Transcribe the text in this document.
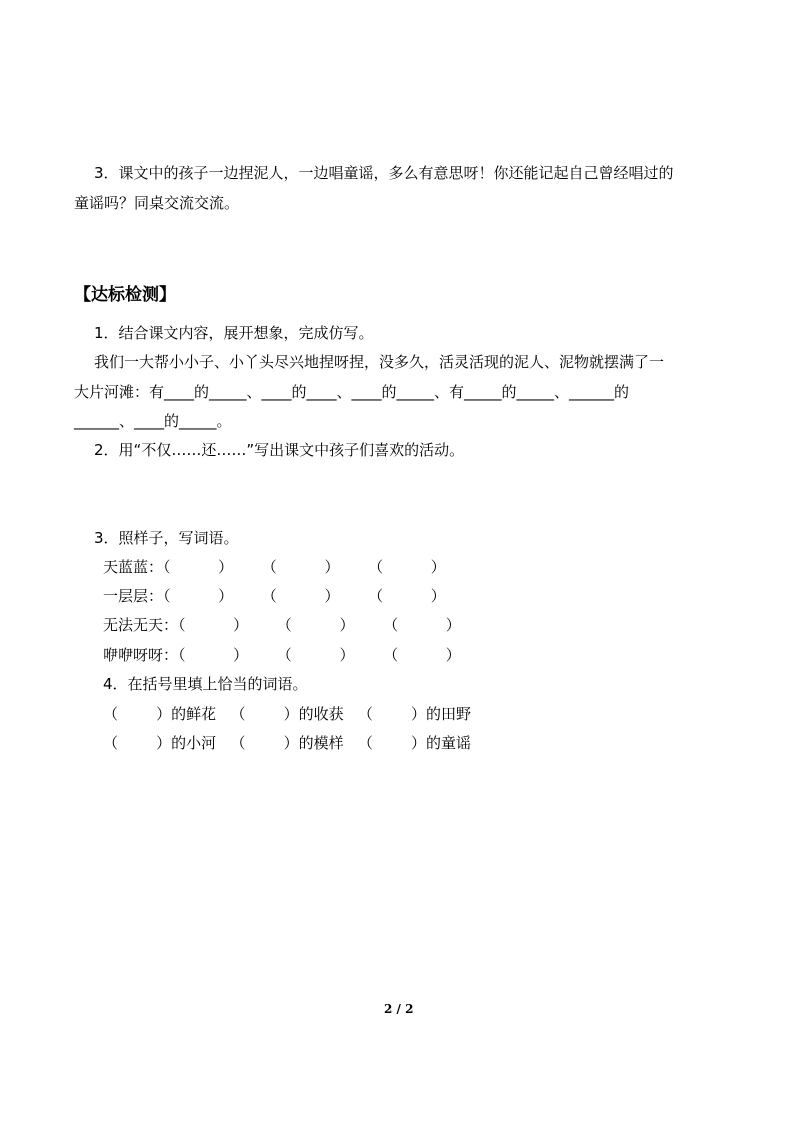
3．课文中的孩子一边捏泥人，一边唱童谣，多么有意思呀！你还能记起自己曾经唱过的
童谣吗？同桌交流交流。
【达标检测】
1．结合课文内容，展开想象，完成仿写。
我们一大帮小小子、小丫头尽兴地捏呀捏，没多久，活灵活现的泥人、泥物就摆满了一
大片河滩：有____的_____、____的____、____的_____、有_____的_____、______的
______、____的_____。
2．用“不仅……还……”写出课文中孩子们喜欢的活动。
3．照样子，写词语。
天蓝蓝：（          ）      （          ）      （          ）
一层层：（          ）      （          ）      （          ）
无法无天：（          ）      （          ）      （          ）
咿咿呀呀：（          ）      （          ）      （          ）
4．在括号里填上恰当的词语。
（        ）的鲜花   （        ）的收获   （        ）的田野
（        ）的小河   （        ）的模样   （        ）的童谣
2 / 2
